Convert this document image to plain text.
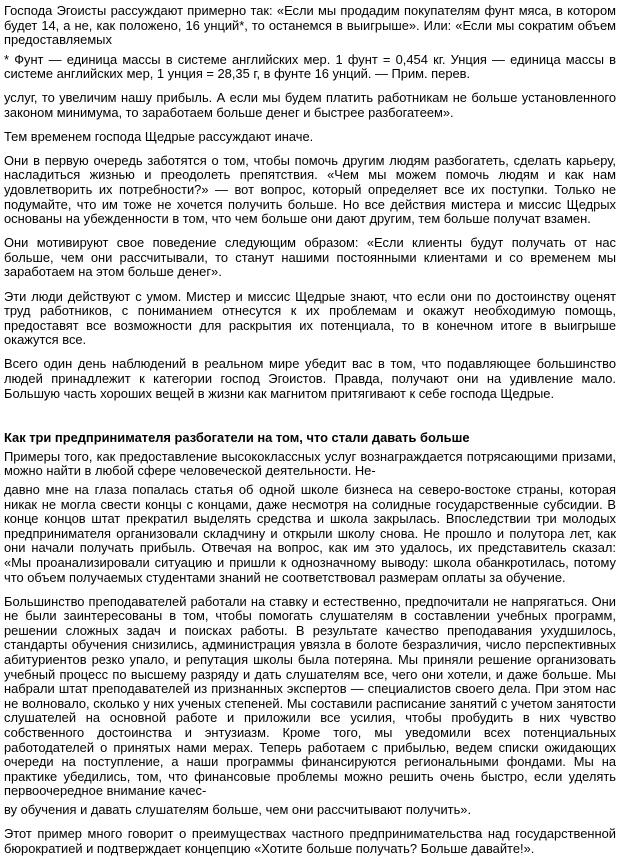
Господа Эгоисты рассуждают примерно так: «Если мы продадим покупателям фунт мяса, в котором будет 14, а не, как положено, 16 унций*, то останемся в выигрыше». Или: «Если мы сократим объем предоставляемых

* Фунт — единица массы в системе английских мер. 1 фунт = 0,454 кг. Унция — единица массы в системе английских мер, 1 унция = 28,35 г, в фунте 16 унций. — Прим. перев.

услуг, то увеличим нашу прибыль. А если мы будем платить работникам не больше установленного законом минимума, то заработаем больше денег и быстрее разбогатеем».

Тем временем господа Щедрые рассуждают иначе.

Они в первую очередь заботятся о том, чтобы помочь другим людям разбогатеть, сделать карьеру, насладиться жизнью и преодолеть препятствия. «Чем мы можем помочь людям и как нам удовлетворить их потребности?» — вот вопрос, который определяет все их поступки. Только не подумайте, что им тоже не хочется получить больше. Но все действия мистера и миссис Щедрых основаны на убежденности в том, что чем больше они дают другим, тем больше получат взамен.

Они мотивируют свое поведение следующим образом: «Если клиенты будут получать от нас больше, чем они рассчитывали, то станут нашими постоянными клиентами и со временем мы заработаем на этом больше денег».

Эти люди действуют с умом. Мистер и миссис Щедрые знают, что если они по достоинству оценят труд работников, с пониманием отнесутся к их проблемам и окажут необходимую помощь, предоставят все возможности для раскрытия их потенциала, то в конечном итоге в выигрыше окажутся все.

Всего один день наблюдений в реальном мире убедит вас в том, что подавляющее большинство людей принадлежит к категории господ Эгоистов. Правда, получают они на удивление мало. Большую часть хороших вещей в жизни как магнитом притягивают к себе господа Щедрые.

Как три предпринимателя разбогатели на том, что стали давать больше

Примеры того, как предоставление высококлассных услуг вознаграждается потрясающими призами, можно найти в любой сфере человеческой деятельности. Не-

давно мне на глаза попалась статья об одной школе бизнеса на северо-востоке страны, которая никак не могла свести концы с концами, даже несмотря на солидные государственные субсидии. В конце концов штат прекратил выделять средства и школа закрылась. Впоследствии три молодых предпринимателя организовали складчину и открыли школу снова. Не прошло и полутора лет, как они начали получать прибыль. Отвечая на вопрос, как им это удалось, их представитель сказал: «Мы проанализировали ситуацию и пришли к однозначному выводу: школа обанкротилась, потому что объем получаемых студентами знаний не соответствовал размерам оплаты за обучение.

Большинство преподавателей работали на ставку и естественно, предпочитали не напрягаться. Они не были заинтересованы в том, чтобы помогать слушателям в составлении учебных программ, решении сложных задач и поисках работы. В результате качество преподавания ухудшилось, стандарты обучения снизились, администрация увязла в болоте безразличия, число перспективных абитуриентов резко упало, и репутация школы была потеряна. Мы приняли решение организовать учебный процесс по высшему разряду и дать слушателям все, чего они хотели, и даже больше. Мы набрали штат преподавателей из признанных экспертов — специалистов своего дела. При этом нас не волновало, сколько у них ученых степеней. Мы составили расписание занятий с учетом занятости слушателей на основной работе и приложили все усилия, чтобы пробудить в них чувство собственного достоинства и энтузиазм. Кроме того, мы уведомили всех потенциальных работодателей о принятых нами мерах. Теперь работаем с прибылью, ведем списки ожидающих очереди на поступление, а наши программы финансируются региональными фондами. Мы на практике убедились, том, что финансовые проблемы можно решить очень быстро, если уделять первоочередное внимание качес-

ву обучения и давать слушателям больше, чем они рассчитывают получить».

Этот пример много говорит о преимуществах частного предпринимательства над государственной бюрократией и подтверждает концепцию «Хотите больше получать? Больше давайте!».
